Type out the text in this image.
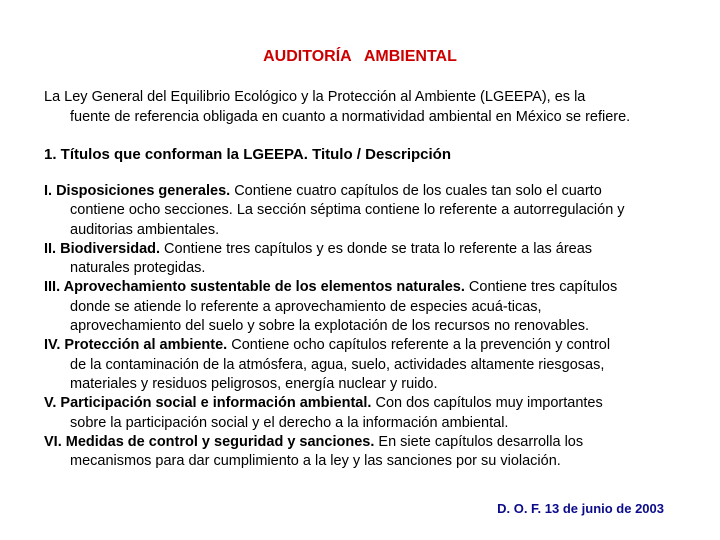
AUDITORÍA   AMBIENTAL

La Ley General del Equilibrio Ecológico y la Protección al Ambiente (LGEEPA), es la
fuente de referencia obligada en cuanto a normatividad ambiental en México se refiere.

1. Títulos que conforman la LGEEPA. Titulo / Descripción

I. Disposiciones generales. Contiene cuatro capítulos de los cuales tan solo el cuarto
contiene ocho secciones. La sección séptima contiene lo referente a autorregulación y
auditorias ambientales.

II. Biodiversidad. Contiene tres capítulos y es donde se trata lo referente a las áreas
naturales protegidas.

III. Aprovechamiento sustentable de los elementos naturales. Contiene tres capítulos
donde se atiende lo referente a aprovechamiento de especies acuá-ticas,
aprovechamiento del suelo y sobre la explotación de los recursos no renovables.

IV. Protección al ambiente. Contiene ocho capítulos referente a la prevención y control
de la contaminación de la atmósfera, agua, suelo, actividades altamente riesgosas,
materiales y residuos peligrosos, energía nuclear y ruido.

V. Participación social e información ambiental. Con dos capítulos muy importantes
sobre la participación social y el derecho a la información ambiental.

VI. Medidas de control y seguridad y sanciones. En siete capítulos desarrolla los
mecanismos para dar cumplimiento a la ley y las sanciones por su violación.

D. O. F. 13 de junio de 2003
